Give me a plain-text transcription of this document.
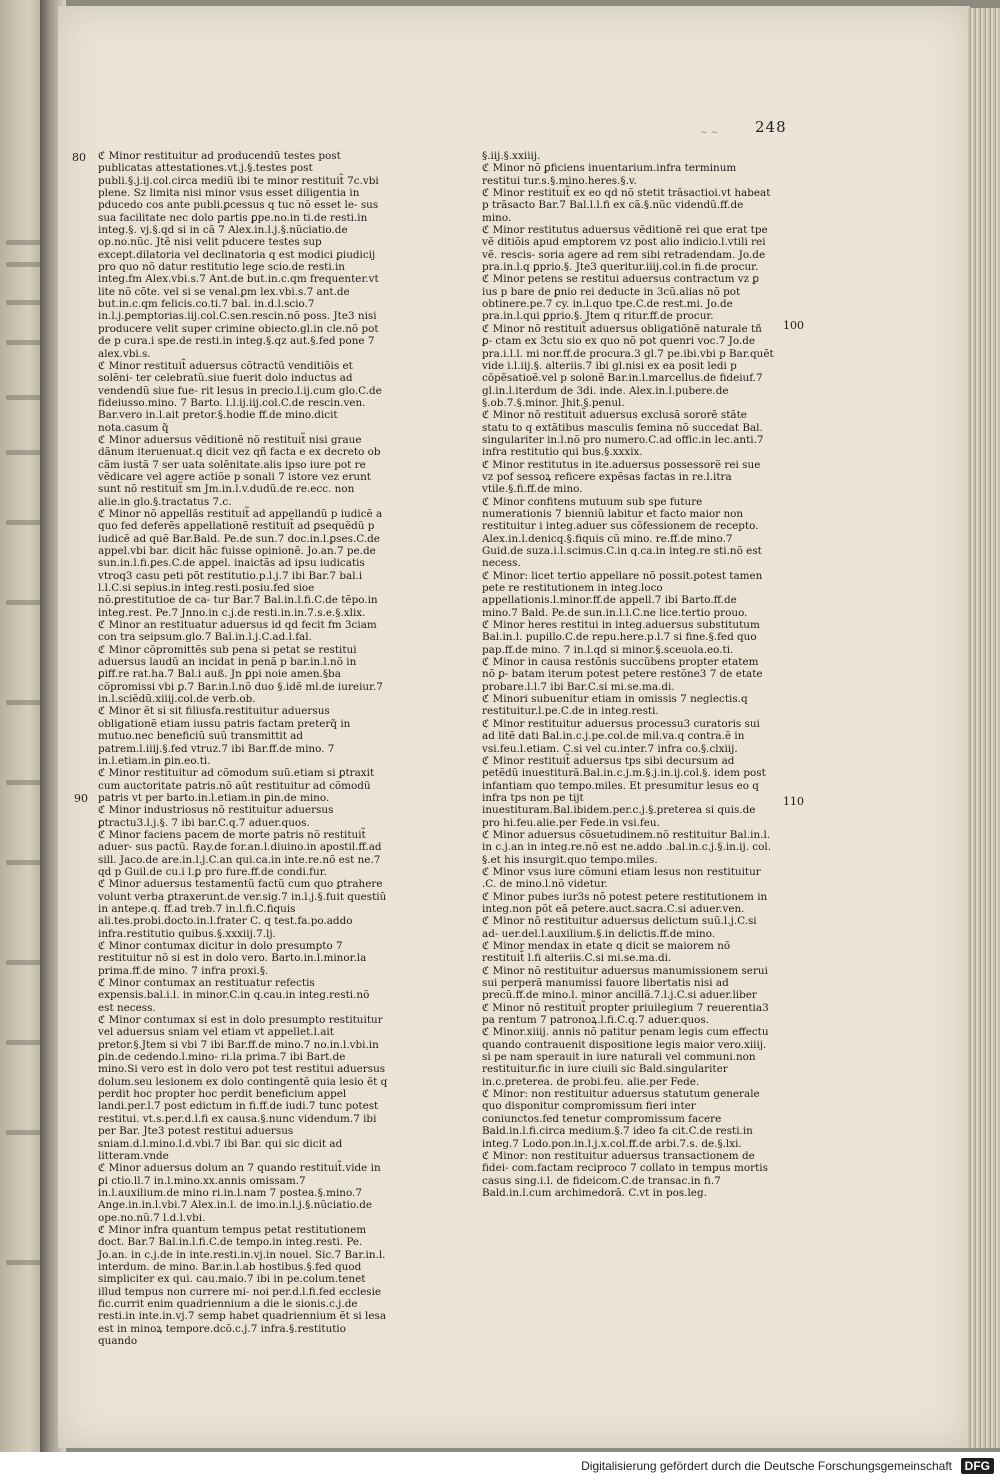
~ ~ 248
80
90
100
110

ℭ Minor restituitur ad producendũ testes post publicatas attestationes.vt.j.§.testes post publi.§.j.ij.col.circa mediũ ibi te minor restituit̃ 7c.vbi plene. Sz limita nisi minor vsus esset diligentia in pducedo cos ante publi.ꝑcessus q tuc nõ esset le- sus sua facilitate nec dolo partis ꝑpe.no.in ti.de resti.in integ.§. vj.§.qd si in cã 7 Alex.in.l.j.§.nũciatio.de op.no.nũc. Jtẽ nisi velit pducere testes sup except.dilatoria vel declinatoria q est modici ꝑiudicij pro quo nõ datur restitutio lege scio.de resti.in integ.fm Alex.vbi.s.7 Ant.de but.in.c.qm frequenter.vt lite nõ cõte. vel si se venal.ꝑm lex.vbi.s.7 ant.de but.in.c.qm felicis.co.ti.7 bal. in.d.l.scio.7 in.l.j.ꝑemptorias.iij.col.C.sen.rescin.nõ poss. Jte3 nisi producere velit super crimine obiecto.gl.in cle.nõ pot de p cura.i spe.de resti.in integ.§.qz aut.§.fed pone 7 alex.vbi.s.

ℭ Minor restituit̃ aduersus cõtractũ venditiõis et solẽni- ter celebratũ.siue fuerit dolo inductus ad vendendũ siue fue- rit lesus in precio.l.ij.cum glo.C.de fideiusso.mino. 7 Barto. l.l.ij.iij.col.C.de rescin.ven. Bar.vero in.l.ait pretor.§.hodie ff.de mino.dicit nota.casum q̃

ℭ Minor aduersus vẽditionẽ nõ restituit̃ nisi graue dãnum iteruenuat.q dicit vez qñ facta e ex decreto ob cãm iustã 7 ser uata solẽnitate.alis ipso iure pot re vẽdicare vel agere actiõe p sonali 7 istore vez erunt sunt nõ restituit̃ sm Jm.in.l.v.dudũ.de re.ecc. non alie.in glo.§.tractatus 7.c.

ℭ Minor nõ appellãs restituit̃ ad appellandũ p iudicẽ a quo fed deferẽs appellationẽ restituit̃ ad ꝑsequẽdũ p iudicẽ ad quẽ Bar.Bald. Pe.de sun.7 doc.in.l.ꝑses.C.de appel.vbi bar. dicit hãc fuisse opinionẽ. Jo.an.7 pe.de sun.in.l.fi.ꝑes.C.de appel. inaictãs ad ipsu iudicatis vtroq3 casu peti põt restitutio.p.l.j.7 ibi Bar.7 bal.i l.l.C.si sepius.in integ.resti.posiu.fed sioe nõ.ꝑrestitutioe de ca- tur Bar.7 Bal.in.l.fi.C.de tẽpo.in integ.rest. Pe.7 Jnno.in c.j.de resti.in.in.7.s.e.§.xlix.

ℭ Minor an restituatur aduersus id qd fecit fm 3ciam con tra seipsum.glo.7 Bal.in.l.j.C.ad.l.fal.

ℭ Minor cõpromittẽs sub pena si petat se restitui aduersus laudũ an incidat in penã p bar.in.l.nõ in ꝑiff.re rat.ha.7 Bal.i auß. Jn ꝑpi noie amen.§ba cõpromissi vbi ꝑ.7 Bar.in.l.nõ duo §.idẽ ml.de iureiur.7 in.l.sciẽdũ.xiiij.col.de verb.ob.

ℭ Minor ẽt si sit filiusfa.restituitur aduersus obligationẽ etiam iussu patris factam preterq̃ in mutuo.nec beneficiũ suũ transmittit ad patrem.l.iiij.§.fed vtruz.7 ibi Bar.ff.de mino. 7 in.l.etiam.in ꝑin.eo.ti.

ℭ Minor restituitur ad cõmodum suũ.etiam si ꝑtraxit cum auctoritate patris.nõ aũt restituitur ad cõmodũ patris vt per barto.in.l.etiam.in ꝑin.de mino.

ℭ Minor industriosus nõ restituitur aduersus ꝑtractu3.l.j.§. 7 ibi bar.C.q.7 aduer.quos.

ℭ Minor faciens pacem de morte patris nõ restituit̃ aduer- sus pactũ. Ray.de for.an.l.diuino.in apostil.ff.ad sill. Jaco.de are.in.l.j.C.an qui.ca.in inte.re.nõ est ne.7 qd p Guil.de cu.i l.ꝑ pro fure.ff.de condi.fur.

ℭ Minor aduersus testamentũ factũ cum quo ꝑtrahere volunt verba ꝑtraxerunt.de ver.sig.7 in.l.j.§.fuit questiũ in antepe.q. ff.ad treb.7 in.l.fi.C.fiquis ali.tes.probi.docto.in.l.frater C. q test.fa.po.addo infra.restitutio quibus.§.xxxiij.7.lj.

ℭ Minor contumax dicitur in dolo presumpto 7 restituitur nõ si est in dolo vero. Barto.in.l.minor.la prima.ff.de mino. 7 infra proxi.§.

ℭ Minor contumax an restituatur refectis expensis.bal.i.l. in minor.C.in q.cau.in integ.resti.nõ est necess.

ℭ Minor contumax si est in dolo presumpto restituitur vel aduersus sniam vel etiam vt appellet.l.ait pretor.§.Jtem si vbi 7 ibi Bar.ff.de mino.7 no.in.l.vbi.in ꝑin.de cedendo.l.mino- ri.la prima.7 ibi Bart.de mino.Si vero est in dolo vero pot test restitui aduersus dolum.seu lesionem ex dolo contingentẽ quia lesio ẽt q perdit hoc propter hoc perdit beneficium appel landi.per.l.7 post edictum in fi.ff.de iudi.7 tunc potest restitui. vt.s.per.d.l.fi ex causa.§.nunc videndum.7 ibi per Bar. Jte3 potest restitui aduersus sniam.d.l.mino.l.d.vbi.7 ibi Bar. qui sic dicit ad litteram.vnde

ℭ Minor aduersus dolum an 7 quando restituit̃.vide in ꝑi ctio.ll.7 in.l.mino.xx.annis omissam.7 in.l.auxilium.de mino ri.in.l.nam 7 postea.§.mino.7 Ange.in.in.l.vbi.7 Alex.in.l. de imo.in.l.j.§.nũciatio.de ope.no.nũ.7 l.d.l.vbi.

ℭ Minor infra quantum tempus petat restitutionem doct. Bar.7 Bal.in.l.fi.C.de tempo.in integ.resti. Pe. Jo.an. in c.j.de in inte.resti.in.vj.in nouel. Sic.7 Bar.in.l. interdum. de mino. Bar.in.l.ab hostibus.§.fed quod simpliciter ex qui. cau.maio.7 ibi in pe.colum.tenet illud tempus non currere mi- noi per.d.l.fi.fed ecclesie fic.currit enim quadriennium a die le sionis.c.j.de resti.in inte.in.vj.7 semp habet quadriennium ẽt si lesa est in minoꝝ tempore.dcõ.c.j.7 infra.§.restitutio quando

§.iij.§.xxiiij.

ℭ Minor nõ ꝑficiens inuentarium.infra terminum restitui tur.s.§.mino.heres.§.v.

ℭ Minor restituit̃ ex eo qd nõ stetit trãsactioi.vt habeat p trãsacto Bar.7 Bal.l.l.fi ex cã.§.nũc videndũ.ff.de mino.

ℭ Minor restitutus aduersus vẽditionẽ rei que erat tpe vẽ ditiõis apud emptorem vz post alio indicio.l.vtili rei vẽ. rescis- soria agere ad rem sibi retradendam. Jo.de pra.in.l.q ꝑprio.§. Jte3 queritur.iiij.col.in fi.de procur.

ℭ Minor petens se restitui aduersus contractum vz ꝑ ius p bare de ꝑnio rei deducte in 3cũ.alias nõ pot obtinere.pe.7 cy. in.l.quo tpe.C.de rest.mi. Jo.de pra.in.l.qui ꝑprio.§. Jtem q ritur.ff.de procur.

ℭ Minor nõ restituit̃ aduersus obligatiõnẽ naturale tñ ꝑ- ctam ex 3ctu sio ex quo nõ pot quenri voc.7 Jo.de pra.i.l.l. mi nor.ff.de procura.3 gl.7 pe.ibi.vbi p Bar.quẽt vide i.l.iij.§. alteriis.7 ibi gl.nisi ex ea posit ledi p cõpẽsatioẽ.vel p solonẽ Bar.in.l.marcellus.de fideiuf.7 gl.in.l.iterdum de 3di. inde. Alex.in.l.pubere.de §.ob.7.§.minor. Jhit.§.penul.

ℭ Minor nõ restituit̃ aduersus exclusã sororẽ stãte statu to q extãtibus masculis femina nõ succedat Bal. singulariter in.l.nõ pro numero.C.ad offic.in lec.anti.7 infra restitutio qui bus.§.xxxix.

ℭ Minor restitutus in ite.aduersus possessorẽ rei sue vz pof sessoꝝ reficere expẽsas factas in re.l.itra vtile.§.fi.ff.de mino.

ℭ Minor confitens mutuum sub spe future numerationis 7 bienniũ labitur et facto maior non restituitur i integ.aduer sus cõfessionem de recepto. Alex.in.l.denicq.§.fiquis cũ mino. re.ff.de mino.7 Guid.de suza.i.l.scimus.C.in q.ca.in integ.re sti.nõ est necess.

ℭ Minor: licet tertio appellare nõ possit.potest tamen pete re restitutionem in integ.loco appellationis.l.minor.ff.de appell.7 ibi Barto.ff.de mino.7 Bald. Pe.de sun.in.l.l.C.ne lice.tertio prouo.

ℭ Minor heres restitui in integ.aduersus substitutum Bal.in.l. pupillo.C.de repu.here.p.l.7 si fine.§.fed quo pap.ff.de mino. 7 in.l.qd si minor.§.sceuola.eo.ti.

ℭ Minor in causa restõnis succũbens propter etatem nõ ꝑ- batam iterum potest petere restõne3 7 de etate probare.l.l.7 ibi Bar.C.si mi.se.ma.di.

ℭ Minori subuenitur etiam in omissis 7 neglectis.q restituitur.l.pe.C.de in integ.resti.

ℭ Minor restituitur aduersus processu3 curatoris sui ad litẽ dati Bal.in.c.j.pe.col.de mil.va.q contra.ẽ in vsi.feu.l.etiam. C.si vel cu.inter.7 infra co.§.clxiij.

ℭ Minor restituit̃ aduersus tps sibi decursum ad petẽdũ inuestiturã.Bal.in.c.j.m.§.j.in.ij.col.§. idem post infantiam quo tempo.miles. Et presumitur lesus eo q infra tps non pe tijt inuestituram.Bal.ibidem.per.c.j.§.preterea si quis.de pro hi.feu.alie.per Fede.in vsi.feu.

ℭ Minor aduersus cõsuetudinem.nõ restituitur Bal.in.l. in c.j.an in integ.re.nõ est ne.addo .bal.in.c.j.§.in.ij. col. §.et his insurgit.quo tempo.miles.

ℭ Minor vsus iure cõmuni etiam lesus non restituitur .C. de mino.l.nõ videtur.

ℭ Minor pubes iur3s nõ potest petere restitutionem in integ.non põt eã petere.auct.sacra.C.si aduer.ven.

ℭ Minor nõ restituitur aduersus delictum suũ.l.j.C.si ad- uer.del.l.auxilium.§.in delictis.ff.de mino.

ℭ Minor mendax in etate q dicit se maiorem nõ restituit̃ l.fi alteriis.C.si mi.se.ma.di.

ℭ Minor nõ restituitur aduersus manumissionem serui sui perperã manumissi fauore libertatis nisi ad precũ.ff.de mino.l. minor ancillã.7.l.j.C.si aduer.liber

ℭ Minor nõ restituit̃ propter priuilegium 7 reuerentia3 pa rentum 7 patronoꝝ.l.fi.C.q.7 aduer.quos.

ℭ Minor.xiiij. annis nõ patitur penam legis cum effectu quando contrauenit dispositione legis maior vero.xiiij. si pe nam sperauit in iure naturali vel communi.non restituitur.fic in iure ciuili sic Bald.singulariter in.c.preterea. de probi.feu. alie.per Fede.

ℭ Minor: non restituitur aduersus statutum generale quo disponitur compromissum fieri inter coniunctos.fed tenetur compromissum facere Bald.in.l.fi.circa medium.§.7 ideo fa cit.C.de resti.in integ.7 Lodo.pon.in.l.j.x.col.ff.de arbi.7.s. de.§.lxi.

ℭ Minor: non restituitur aduersus transactionem de fidei- com.factam reciproco 7 collato in tempus mortis casus sing.i.l. de fideicom.C.de transac.in fi.7 Bald.in.l.cum archimedorã. C.vt in pos.leg.

Digitalisierung gefördert durch die Deutsche Forschungsgemeinschaft	DFG
